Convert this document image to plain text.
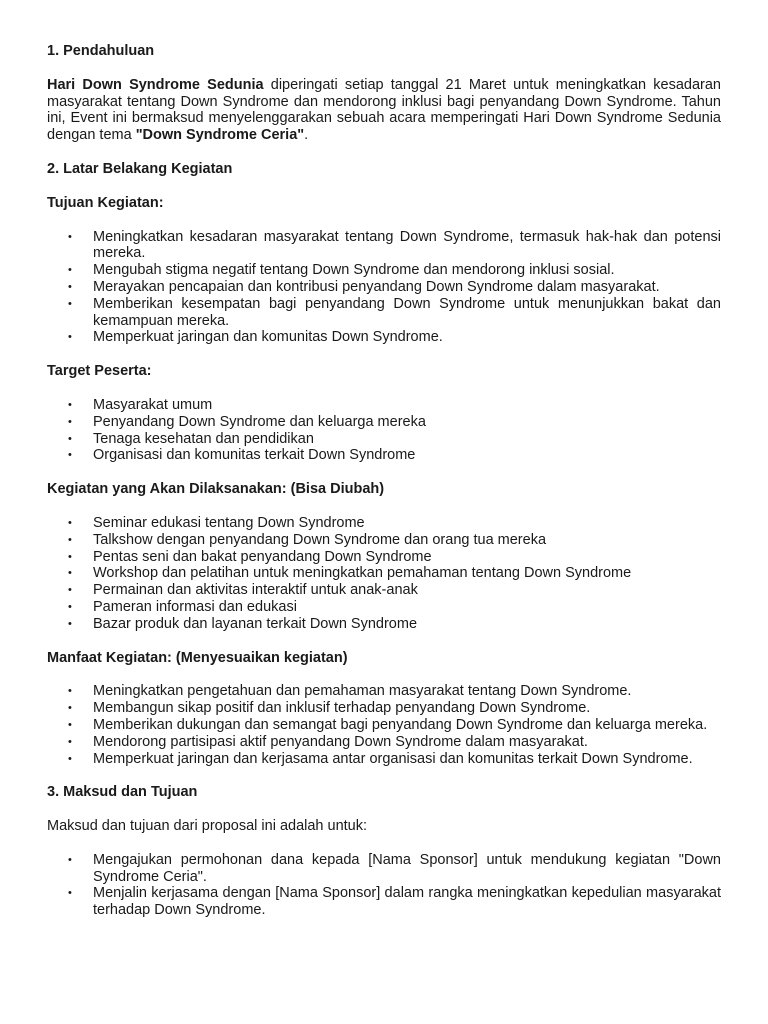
1. Pendahuluan

Hari Down Syndrome Sedunia diperingati setiap tanggal 21 Maret untuk meningkatkan kesadaran masyarakat tentang Down Syndrome dan mendorong inklusi bagi penyandang Down Syndrome. Tahun ini, Event ini bermaksud menyelenggarakan sebuah acara memperingati Hari Down Syndrome Sedunia dengan tema "Down Syndrome Ceria".

2. Latar Belakang Kegiatan
Tujuan Kegiatan:
• Meningkatkan kesadaran masyarakat tentang Down Syndrome, termasuk hak-hak dan potensi mereka.
• Mengubah stigma negatif tentang Down Syndrome dan mendorong inklusi sosial.
• Merayakan pencapaian dan kontribusi penyandang Down Syndrome dalam masyarakat.
• Memberikan kesempatan bagi penyandang Down Syndrome untuk menunjukkan bakat dan kemampuan mereka.
• Memperkuat jaringan dan komunitas Down Syndrome.
Target Peserta:
• Masyarakat umum
• Penyandang Down Syndrome dan keluarga mereka
• Tenaga kesehatan dan pendidikan
• Organisasi dan komunitas terkait Down Syndrome
Kegiatan yang Akan Dilaksanakan: (Bisa Diubah)
• Seminar edukasi tentang Down Syndrome
• Talkshow dengan penyandang Down Syndrome dan orang tua mereka
• Pentas seni dan bakat penyandang Down Syndrome
• Workshop dan pelatihan untuk meningkatkan pemahaman tentang Down Syndrome
• Permainan dan aktivitas interaktif untuk anak-anak
• Pameran informasi dan edukasi
• Bazar produk dan layanan terkait Down Syndrome
Manfaat Kegiatan: (Menyesuaikan kegiatan)
• Meningkatkan pengetahuan dan pemahaman masyarakat tentang Down Syndrome.
• Membangun sikap positif dan inklusif terhadap penyandang Down Syndrome.
• Memberikan dukungan dan semangat bagi penyandang Down Syndrome dan keluarga mereka.
• Mendorong partisipasi aktif penyandang Down Syndrome dalam masyarakat.
• Memperkuat jaringan dan kerjasama antar organisasi dan komunitas terkait Down Syndrome.
3. Maksud dan Tujuan

Maksud dan tujuan dari proposal ini adalah untuk:

• Mengajukan permohonan dana kepada [Nama Sponsor] untuk mendukung kegiatan "Down Syndrome Ceria".
• Menjalin kerjasama dengan [Nama Sponsor] dalam rangka meningkatkan kepedulian masyarakat terhadap Down Syndrome.
